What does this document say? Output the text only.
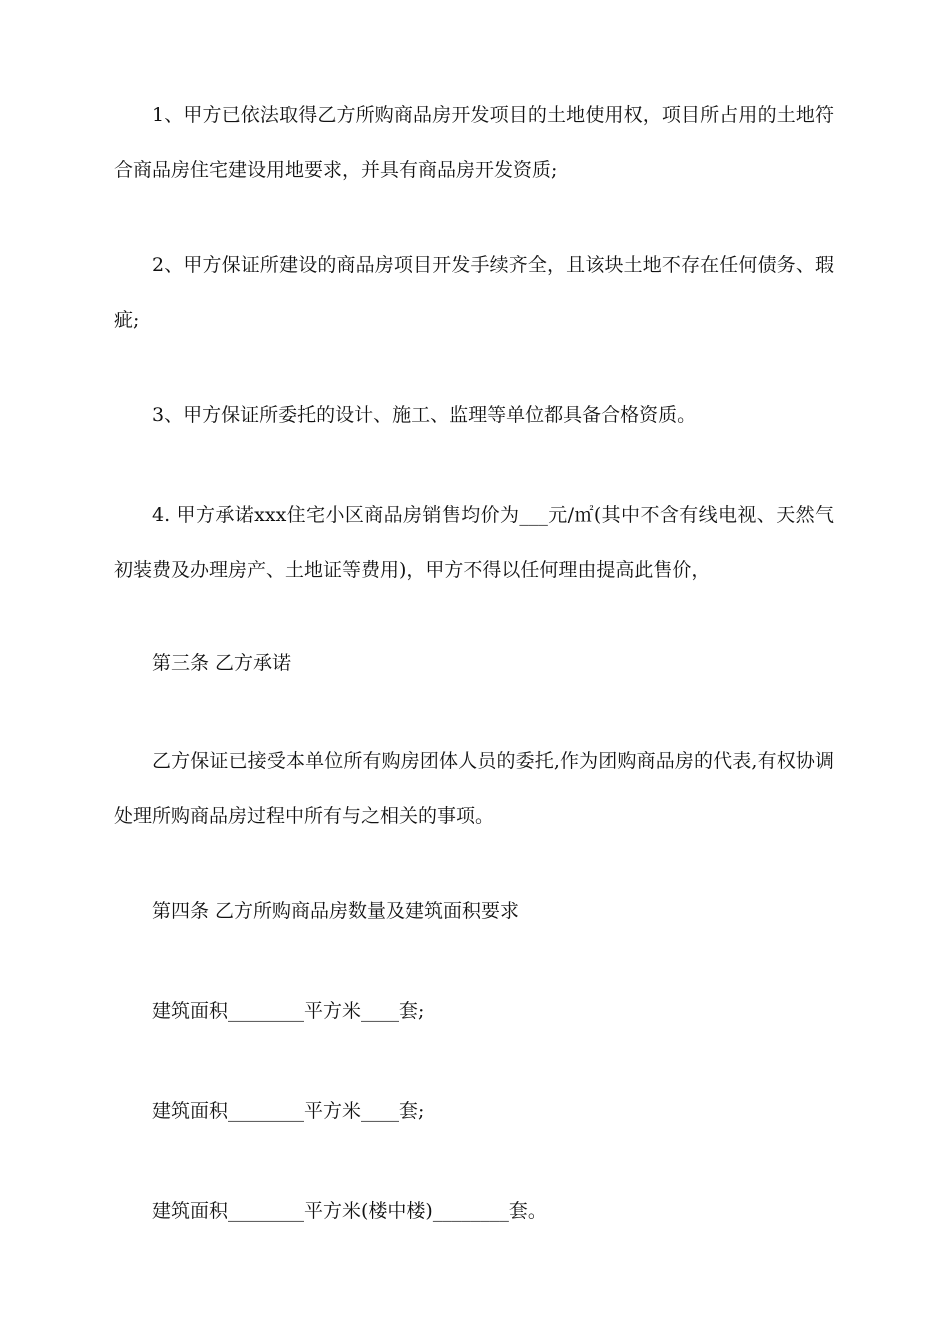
1、甲方已依法取得乙方所购商品房开发项目的土地使用权，项目所占用的土地符合商品房住宅建设用地要求，并具有商品房开发资质;

2、甲方保证所建设的商品房项目开发手续齐全，且该块土地不存在任何债务、瑕疵;

3、甲方保证所委托的设计、施工、监理等单位都具备合格资质。

4. 甲方承诺xxx住宅小区商品房销售均价为___元/㎡(其中不含有线电视、天然气初装费及办理房产、土地证等费用)，甲方不得以任何理由提高此售价，

第三条 乙方承诺

乙方保证已接受本单位所有购房团体人员的委托,作为团购商品房的代表,有权协调处理所购商品房过程中所有与之相关的事项。

第四条 乙方所购商品房数量及建筑面积要求

建筑面积________平方米____套;

建筑面积________平方米____套;

建筑面积________平方米(楼中楼)________套。
